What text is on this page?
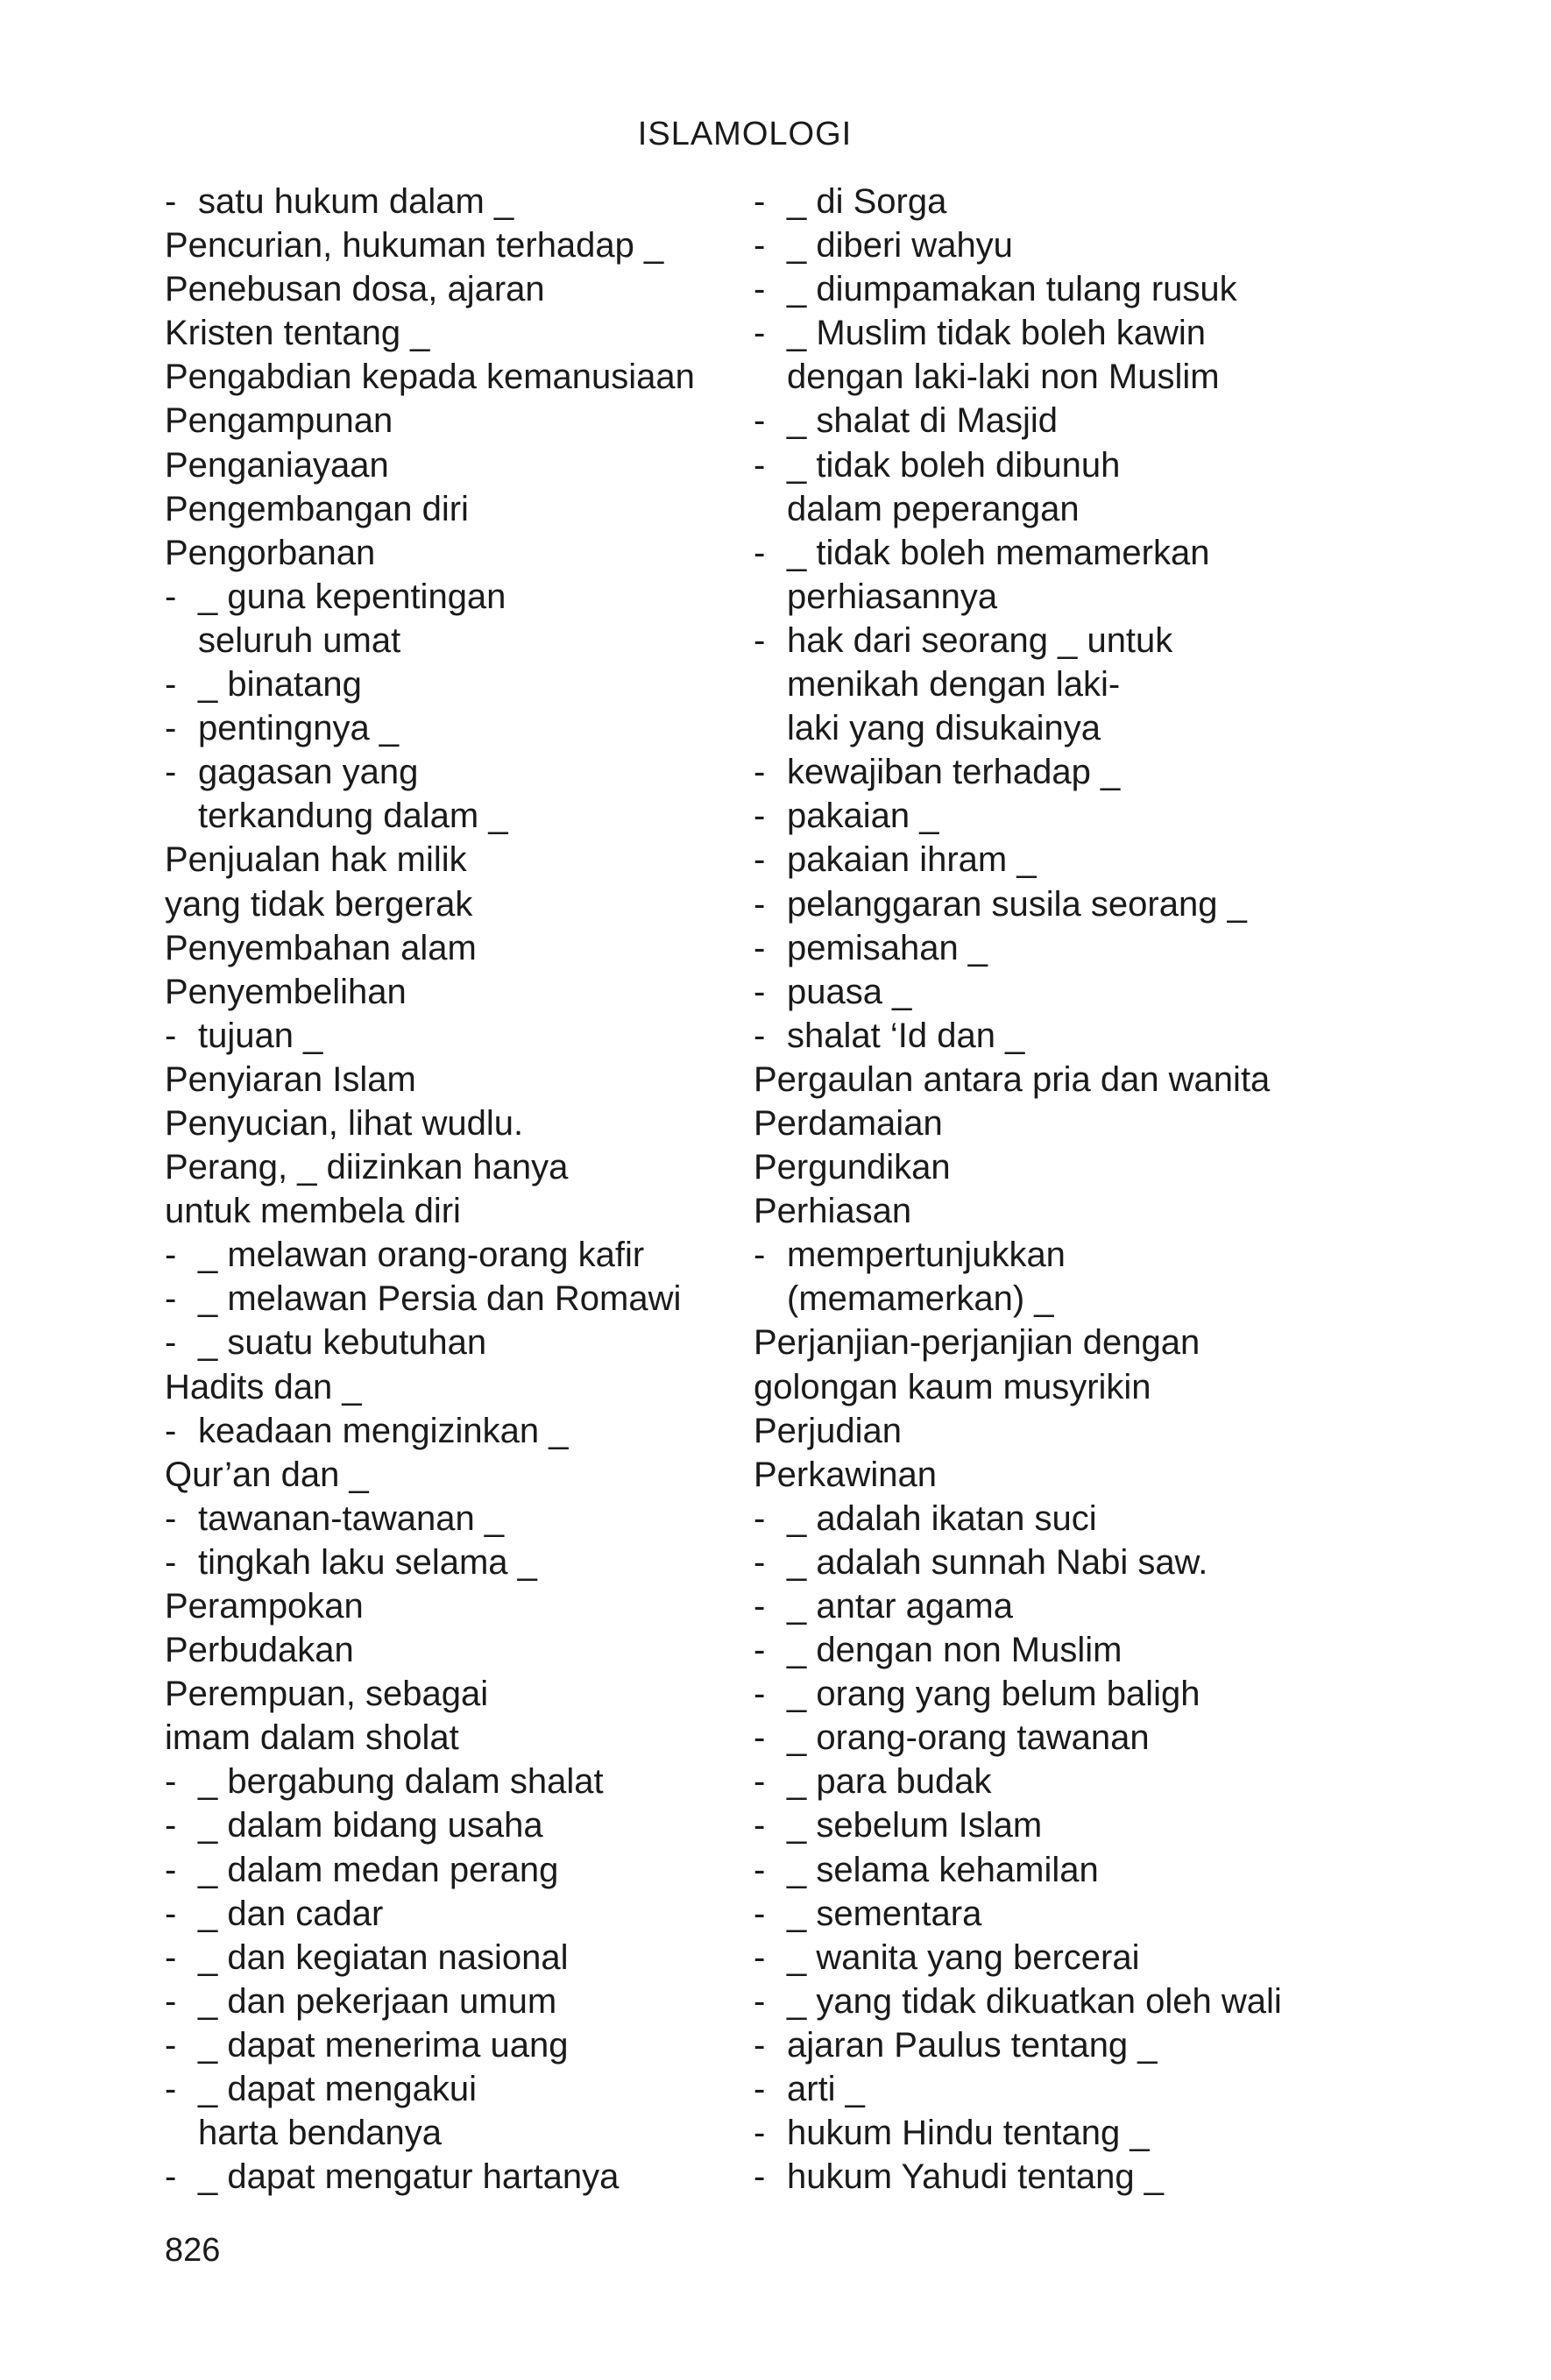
ISLAMOLOGI
- satu hukum dalam _
Pencurian, hukuman terhadap _
Penebusan dosa, ajaran
Kristen tentang _
Pengabdian kepada kemanusiaan
Pengampunan
Penganiayaan
Pengembangan diri
Pengorbanan
- _ guna kepentingan
seluruh umat
- _ binatang
- pentingnya _
- gagasan yang
terkandung dalam _
Penjualan hak milik
yang tidak bergerak
Penyembahan alam
Penyembelihan
- tujuan _
Penyiaran Islam
Penyucian, lihat wudlu.
Perang, _ diizinkan hanya
untuk membela diri
- _ melawan orang-orang kafir
- _ melawan Persia dan Romawi
- _ suatu kebutuhan
Hadits dan _
- keadaan mengizinkan _
Qur’an dan _
- tawanan-tawanan _
- tingkah laku selama _
Perampokan
Perbudakan
Perempuan, sebagai
imam dalam sholat
- _ bergabung dalam shalat
- _ dalam bidang usaha
- _ dalam medan perang
- _ dan cadar
- _ dan kegiatan nasional
- _ dan pekerjaan umum
- _ dapat menerima uang
- _ dapat mengakui
harta bendanya
- _ dapat mengatur hartanya
- _ di Sorga
- _ diberi wahyu
- _ diumpamakan tulang rusuk
- _ Muslim tidak boleh kawin
dengan laki-laki non Muslim
- _ shalat di Masjid
- _ tidak boleh dibunuh
dalam peperangan
- _ tidak boleh memamerkan
perhiasannya
- hak dari seorang _ untuk
menikah dengan laki-
laki yang disukainya
- kewajiban terhadap _
- pakaian _
- pakaian ihram _
- pelanggaran susila seorang _
- pemisahan _
- puasa _
- shalat ‘Id dan _
Pergaulan antara pria dan wanita
Perdamaian
Pergundikan
Perhiasan
- mempertunjukkan
(memamerkan) _
Perjanjian-perjanjian dengan
golongan kaum musyrikin
Perjudian
Perkawinan
- _ adalah ikatan suci
- _ adalah sunnah Nabi saw.
- _ antar agama
- _ dengan non Muslim
- _ orang yang belum baligh
- _ orang-orang tawanan
- _ para budak
- _ sebelum Islam
- _ selama kehamilan
- _ sementara
- _ wanita yang bercerai
- _ yang tidak dikuatkan oleh wali
- ajaran Paulus tentang _
- arti _
- hukum Hindu tentang _
- hukum Yahudi tentang _
826
